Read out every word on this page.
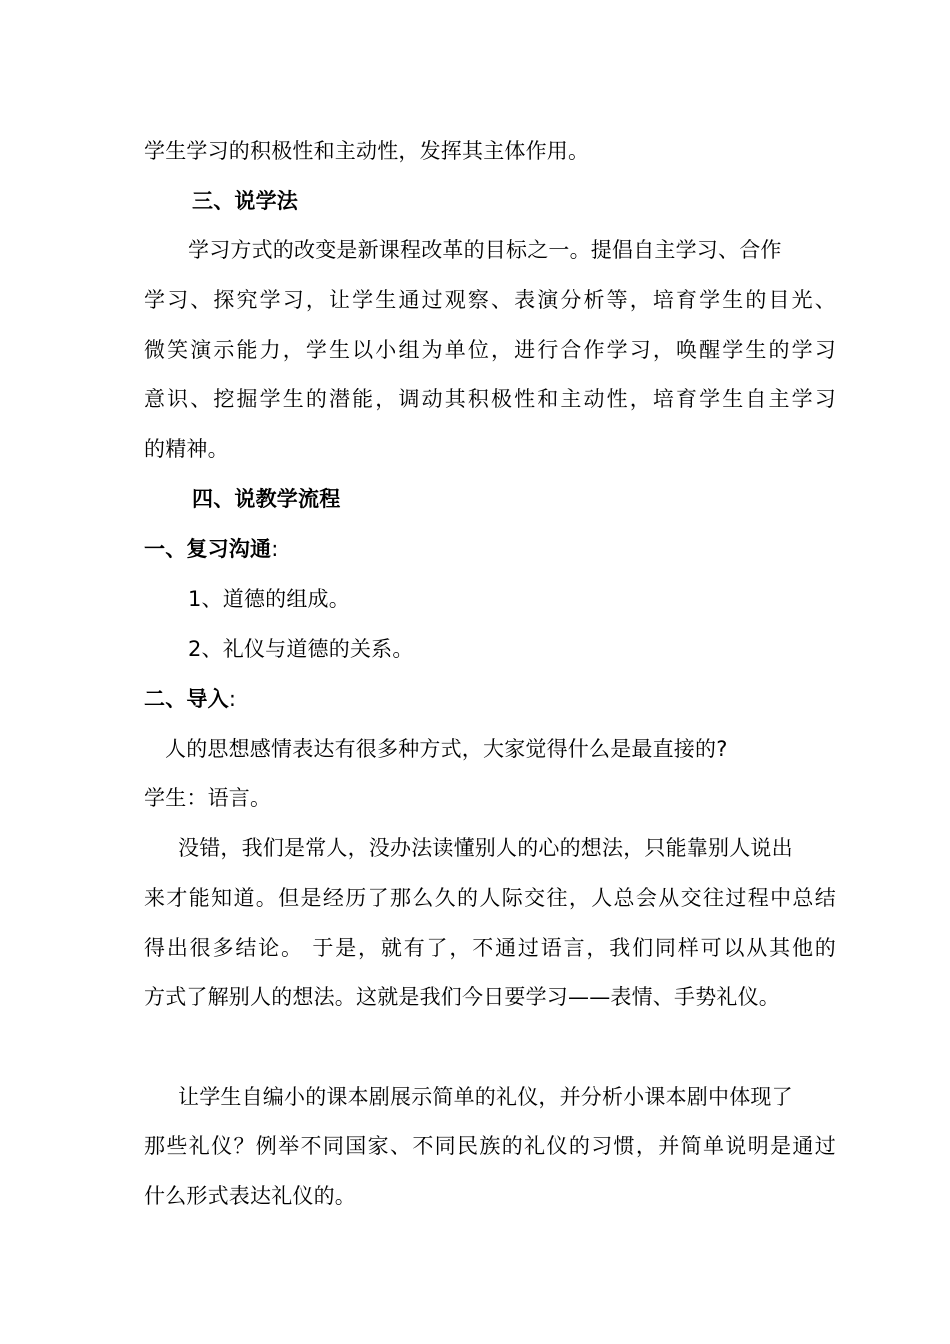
学生学习的积极性和主动性，发挥其主体作用。
三、说学法
学习方式的改变是新课程改革的目标之一。提倡自主学习、合作
学习、探究学习，让学生通过观察、表演分析等，培育学生的目光、
微笑演示能力，学生以小组为单位，进行合作学习，唤醒学生的学习
意识、挖掘学生的潜能，调动其积极性和主动性，培育学生自主学习
的精神。
四、说教学流程
一、复习沟通:
1、道德的组成。
2、礼仪与道德的关系。
二、导入:
人的思想感情表达有很多种方式，大家觉得什么是最直接的?
学生：语言。
没错，我们是常人，没办法读懂别人的心的想法，只能靠别人说出
来才能知道。但是经历了那么久的人际交往，人总会从交往过程中总结
得出很多结论。 于是，就有了，不通过语言，我们同样可以从其他的
方式了解别人的想法。这就是我们今日要学习——表情、手势礼仪。
让学生自编小的课本剧展示简单的礼仪，并分析小课本剧中体现了
那些礼仪？例举不同国家、不同民族的礼仪的习惯，并简单说明是通过
什么形式表达礼仪的。
